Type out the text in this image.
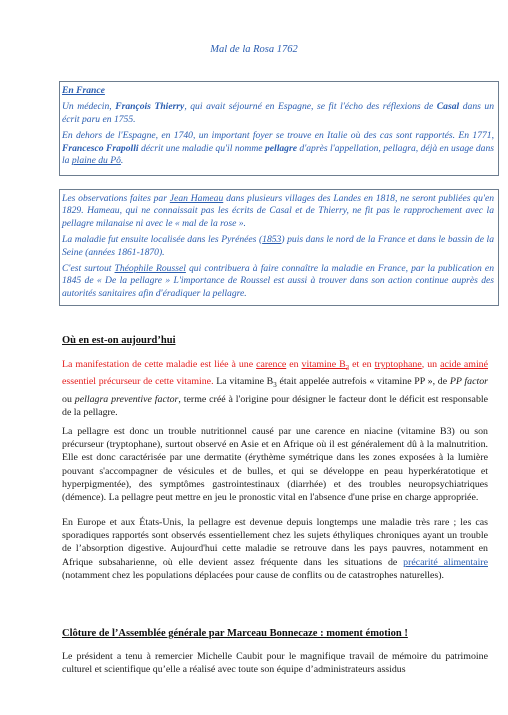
Mal de la Rosa 1762

En France

Un médecin, François Thierry, qui avait séjourné en Espagne, se fit l'écho des réflexions de Casal dans un écrit paru en 1755.

En dehors de l'Espagne, en 1740, un important foyer se trouve en Italie où des cas sont rapportés. En 1771, Francesco Frapolli décrit une maladie qu'il nomme pellagre d'après l'appellation, pellagra, déjà en usage dans la plaine du Pô.

Les observations faites par Jean Hameau dans plusieurs villages des Landes en 1818, ne seront publiées qu'en 1829. Hameau, qui ne connaissait pas les écrits de Casal et de Thierry, ne fit pas le rapprochement avec la pellagre milanaise ni avec le « mal de la rose ».

La maladie fut ensuite localisée dans les Pyrénées (1853) puis dans le nord de la France et dans le bassin de la Seine (années 1861-1870).

C'est surtout Théophile Roussel qui contribuera à faire connaître la maladie en France, par la publication en 1845 de « De la pellagre » L'importance de Roussel est aussi à trouver dans son action continue auprès des autorités sanitaires afin d'éradiquer la pellagre.

Où en est-on aujourd’hui
La manifestation de cette maladie est liée à une carence en vitamine $B_3$ et en tryptophane, un acide aminé essentiel précurseur de cette vitamine. La vitamine $B_3$ était appelée autrefois « vitamine PP », de PP factor ou pellagra preventive factor, terme créé à l'origine pour désigner le facteur dont le déficit est responsable de la pellagre.
La pellagre est donc un trouble nutritionnel causé par une carence en niacine (vitamine B3) ou son précurseur (tryptophane), surtout observé en Asie et en Afrique où il est généralement dû à la malnutrition. Elle est donc caractérisée par une dermatite (érythème symétrique dans les zones exposées à la lumière pouvant s'accompagner de vésicules et de bulles, et qui se développe en peau hyperkératotique et hyperpigmentée), des symptômes gastrointestinaux (diarrhée) et des troubles neuropsychiatriques (démence). La pellagre peut mettre en jeu le pronostic vital en l'absence d'une prise en charge appropriée.
En Europe et aux États-Unis, la pellagre est devenue depuis longtemps une maladie très rare ; les cas sporadiques rapportés sont observés essentiellement chez les sujets éthyliques chroniques ayant un trouble de l’absorption digestive. Aujourd'hui cette maladie se retrouve dans les pays pauvres, notamment en Afrique subsaharienne, où elle devient assez fréquente dans les situations de précarité alimentaire (notamment chez les populations déplacées pour cause de conflits ou de catastrophes naturelles).
Clôture de l’Assemblée générale par Marceau Bonnecaze : moment émotion !
Le président a tenu à remercier Michelle Caubit pour le magnifique travail de mémoire du patrimoine culturel et scientifique qu’elle a réalisé avec toute son équipe d’administrateurs assidus
